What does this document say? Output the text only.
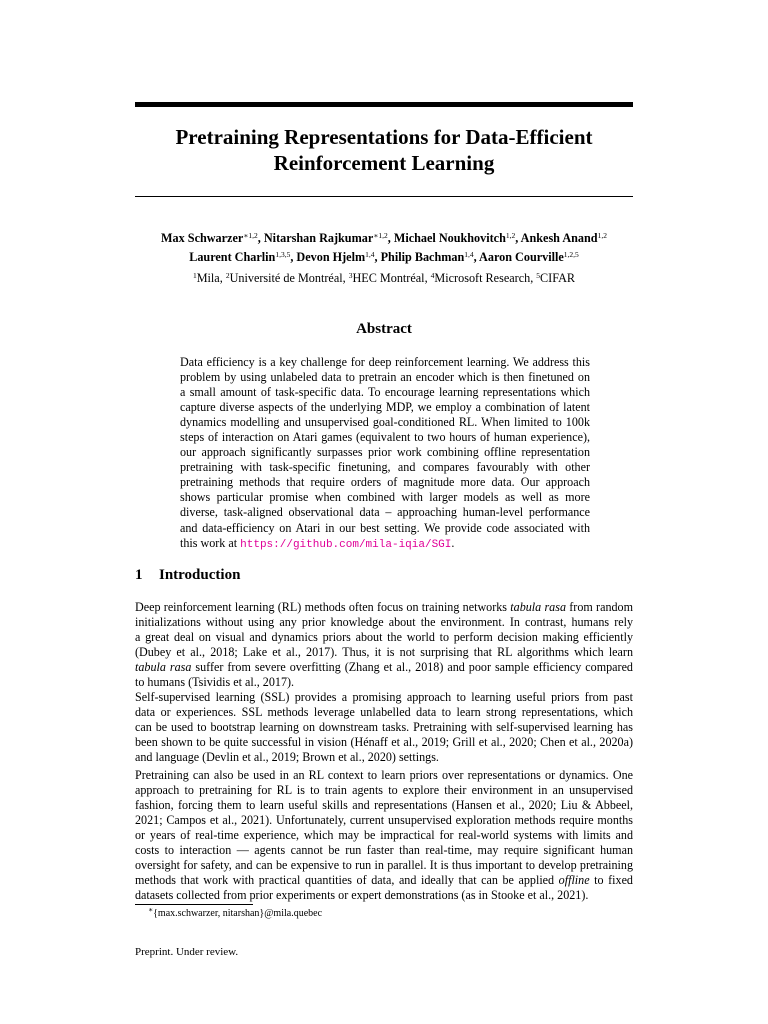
Pretraining Representations for Data-Efficient
Reinforcement Learning
Max Schwarzer$^{∗1,2}$, Nitarshan Rajkumar$^{∗1,2}$, Michael Noukhovitch$^{1,2}$, Ankesh Anand$^{1,2}$
Laurent Charlin$^{1,3,5}$, Devon Hjelm$^{1,4}$, Philip Bachman$^{1,4}$, Aaron Courville$^{1,2,5}$
$^1$Mila, $^2$Université de Montréal, $^3$HEC Montréal, $^4$Microsoft Research, $^5$CIFAR
Abstract
Data efficiency is a key challenge for deep reinforcement learning. We address this
problem by using unlabeled data to pretrain an encoder which is then finetuned on
a small amount of task-specific data. To encourage learning representations which
capture diverse aspects of the underlying MDP, we employ a combination of latent
dynamics modelling and unsupervised goal-conditioned RL. When limited to 100k
steps of interaction on Atari games (equivalent to two hours of human experience),
our approach significantly surpasses prior work combining offline representation
pretraining with task-specific finetuning, and compares favourably with other
pretraining methods that require orders of magnitude more data. Our approach
shows particular promise when combined with larger models as well as more
diverse, task-aligned observational data – approaching human-level performance
and data-efficiency on Atari in our best setting. We provide code associated with
this work at https://github.com/mila-iqia/SGI.
1 Introduction
Deep reinforcement learning (RL) methods often focus on training networks tabula rasa from random
initializations without using any prior knowledge about the environment. In contrast, humans rely
a great deal on visual and dynamics priors about the world to perform decision making efficiently
(Dubey et al., 2018; Lake et al., 2017). Thus, it is not surprising that RL algorithms which learn
tabula rasa suffer from severe overfitting (Zhang et al., 2018) and poor sample efficiency compared
to humans (Tsividis et al., 2017).
Self-supervised learning (SSL) provides a promising approach to learning useful priors from past
data or experiences. SSL methods leverage unlabelled data to learn strong representations, which
can be used to bootstrap learning on downstream tasks. Pretraining with self-supervised learning has
been shown to be quite successful in vision (Hénaff et al., 2019; Grill et al., 2020; Chen et al., 2020a)
and language (Devlin et al., 2019; Brown et al., 2020) settings.
Pretraining can also be used in an RL context to learn priors over representations or dynamics. One
approach to pretraining for RL is to train agents to explore their environment in an unsupervised
fashion, forcing them to learn useful skills and representations (Hansen et al., 2020; Liu & Abbeel,
2021; Campos et al., 2021). Unfortunately, current unsupervised exploration methods require months
or years of real-time experience, which may be impractical for real-world systems with limits and
costs to interaction — agents cannot be run faster than real-time, may require significant human
oversight for safety, and can be expensive to run in parallel. It is thus important to develop pretraining
methods that work with practical quantities of data, and ideally that can be applied offline to fixed
datasets collected from prior experiments or expert demonstrations (as in Stooke et al., 2021).
∗{max.schwarzer, nitarshan}@mila.quebec
Preprint. Under review.
